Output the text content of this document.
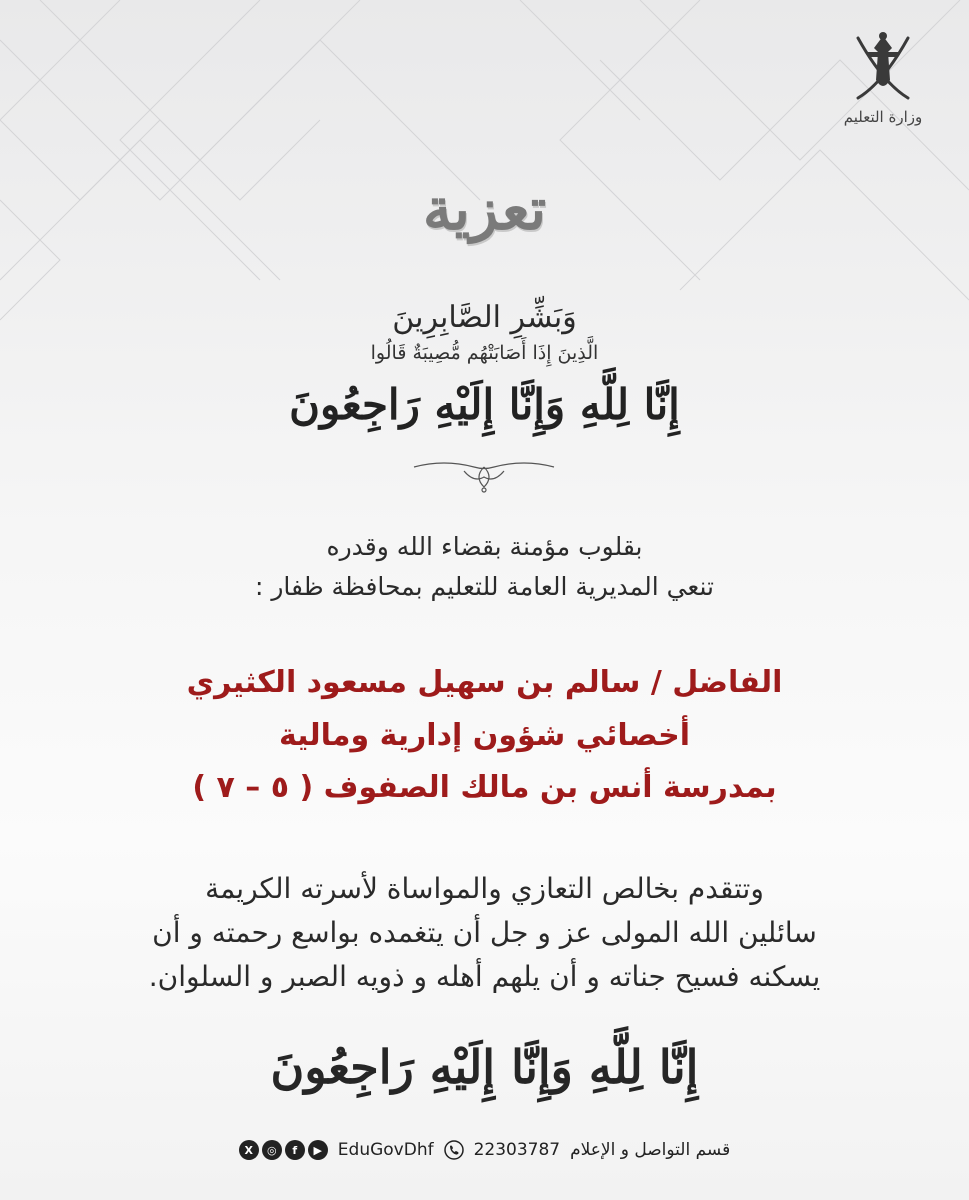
وزارة التعليم
تعزية
وَبَشِّرِ الصَّابِرِينَ
الَّذِينَ إِذَا أَصَابَتْهُم مُّصِيبَةٌ قَالُوا
إِنَّا لِلَّهِ وَإِنَّا إِلَيْهِ رَاجِعُونَ
بقلوب مؤمنة بقضاء الله وقدره
تنعي المديرية العامة للتعليم بمحافظة ظفار :
الفاضل / سالم بن سهيل مسعود الكثيري
أخصائي شؤون إدارية ومالية
بمدرسة أنس بن مالك الصفوف ( ٥ – ٧ )
وتتقدم بخالص التعازي والمواساة لأسرته الكريمة
سائلين الله المولى عز و جل أن يتغمده بواسع رحمته و أن
يسكنه فسيح جناته و أن يلهم أهله و ذويه الصبر و السلوان.
إِنَّا لِلَّهِ وَإِنَّا إِلَيْهِ رَاجِعُونَ
X	◎	f	▶ EduGovDhf 22303787 قسم التواصل و الإعلام
